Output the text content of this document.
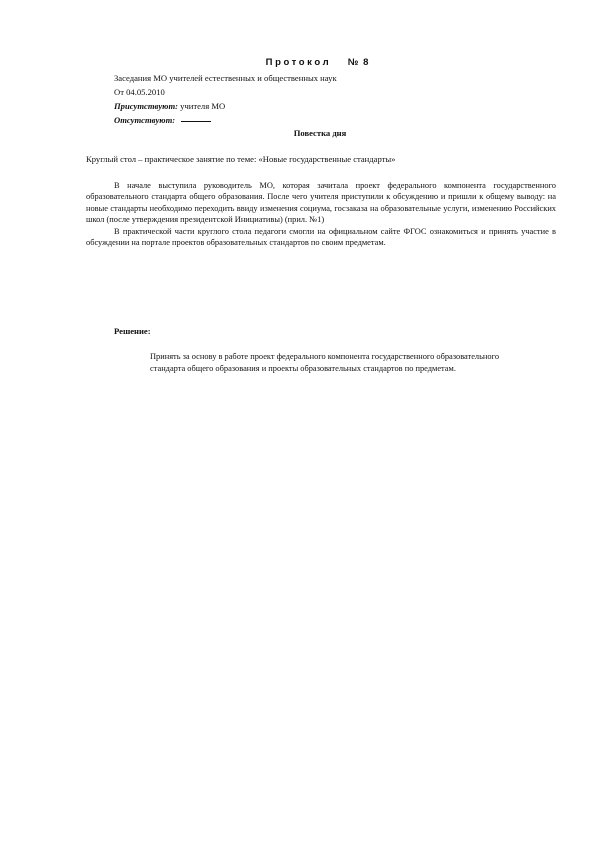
Протокол № 8
Заседания МО учителей естественных и общественных наук
От 04.05.2010
Присутствуют: учителя МО
Отсутствуют:
Повестка дня
Круглый стол – практическое занятие по теме: «Новые государственные стандарты»

В начале выступила руководитель МО, которая зачитала проект федерального компонента государственного образовательного стандарта общего образования. После чего учителя приступили к обсуждению и пришли к общему выводу: на новые стандарты необходимо переходить ввиду изменения социума, госзаказа на образовательные услуги, изменению Российских школ (после утверждения президентской Инициативы) (прил. №1)

В практической части круглого стола педагоги смогли на официальном сайте ФГОС ознакомиться и принять участие в обсуждении на портале проектов образовательных стандартов по своим предметам.

Решение:
Принять за основу в работе проект федерального компонента государственного образовательного стандарта общего образования и проекты образовательных стандартов по предметам.
